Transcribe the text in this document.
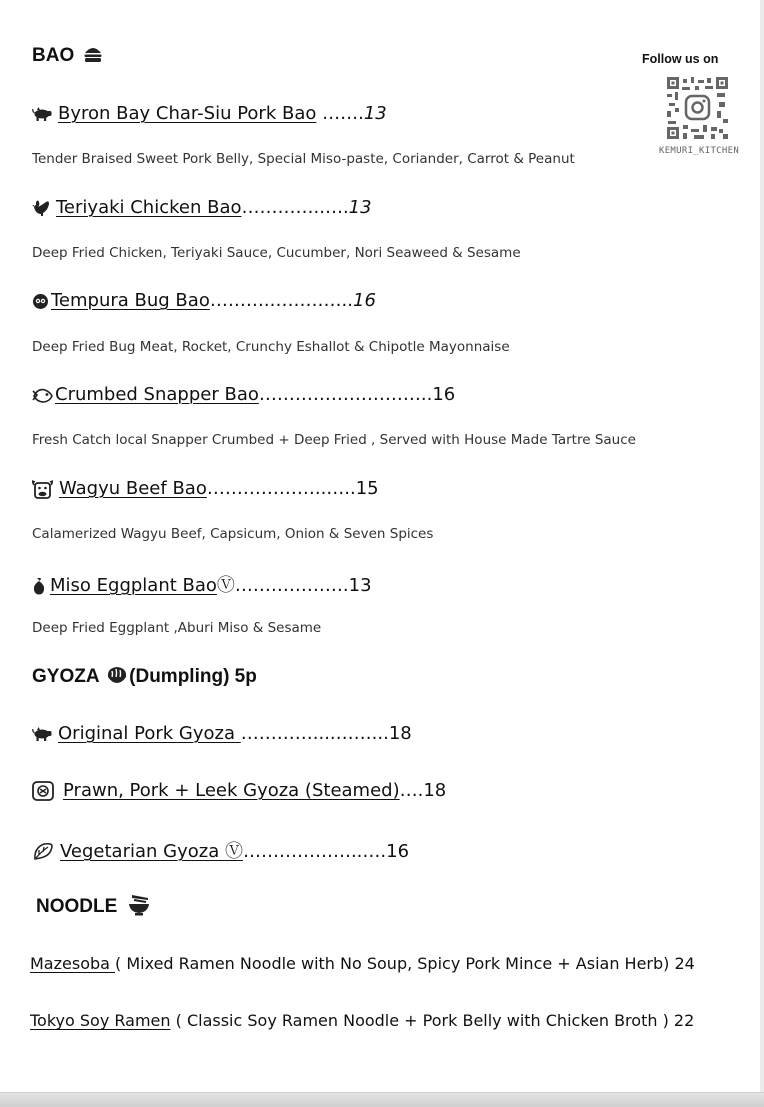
BAO	Follow us on
KEMURI_KITCHEN
Byron Bay Char-Siu Pork Bao …….13
Tender Braised Sweet Pork Belly, Special Miso-paste, Coriander, Carrot & Peanut
Teriyaki Chicken Bao…………..….13
Deep Fried Chicken, Teriyaki Sauce, Cucumber, Nori Seaweed & Sesame
Tempura Bug Bao……….…………..16
Deep Fried Bug Meat, Rocket, Crunchy Eshallot & Chipotle Mayonnaise
Crumbed Snapper Bao………………………..16
Fresh Catch local Snapper Crumbed + Deep Fried , Served with House Made Tartre Sauce
Wagyu Beef Bao………………..…..15
Calamerized Wagyu Beef, Capsicum, Onion & Seven Spices
Miso Eggplant BaoⓋ……………….13
Deep Fried Eggplant ,Aburi Miso & Sesame
GYOZA (Dumpling) 5p
Original Pork Gyoza …………....……...18
Prawn, Pork + Leek Gyoza (Steamed)….18
Vegetarian Gyoza Ⓥ………………..….16
NOODLE
Mazesoba ( Mixed Ramen Noodle with No Soup, Spicy Pork Mince + Asian Herb) 24
Tokyo Soy Ramen ( Classic Soy Ramen Noodle + Pork Belly with Chicken Broth ) 22
